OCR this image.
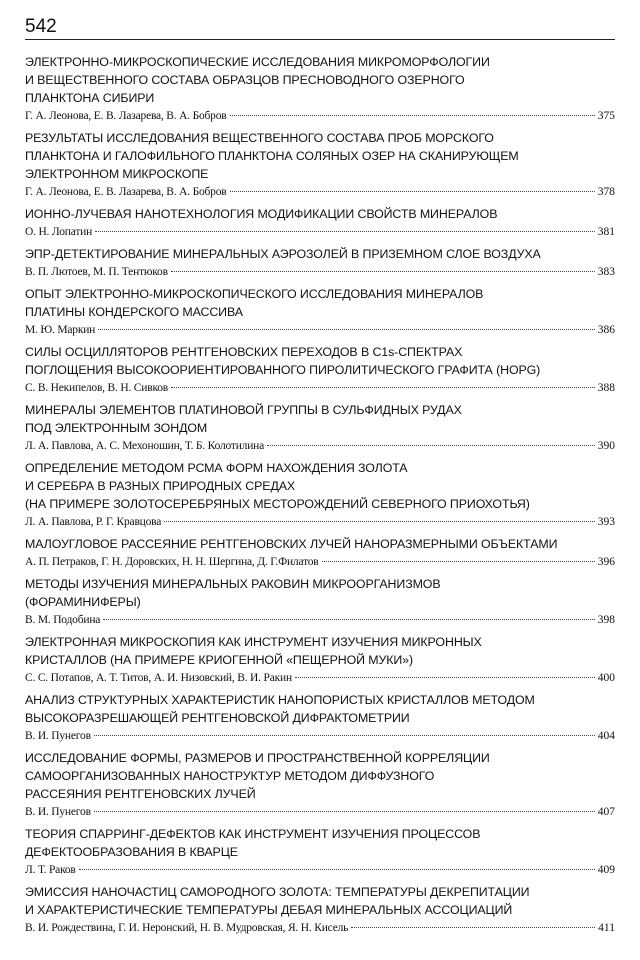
542
ЭЛЕКТРОННО-МИКРОСКОПИЧЕСКИЕ ИССЛЕДОВАНИЯ МИКРОМОРФОЛОГИИ
И ВЕЩЕСТВЕННОГО СОСТАВА ОБРАЗЦОВ ПРЕСНОВОДНОГО ОЗЕРНОГО
ПЛАНКТОНА СИБИРИ
Г. А. Леонова, Е. В. Лазарева, В. А. Бобров	375
РЕЗУЛЬТАТЫ ИССЛЕДОВАНИЯ ВЕЩЕСТВЕННОГО СОСТАВА ПРОБ МОРСКОГО
ПЛАНКТОНА И ГАЛОФИЛЬНОГО ПЛАНКТОНА СОЛЯНЫХ ОЗЕР НА СКАНИРУЮЩЕМ
ЭЛЕКТРОННОМ МИКРОСКОПЕ
Г. А. Леонова, Е. В. Лазарева, В. А. Бобров	378
ИОННО-ЛУЧЕВАЯ НАНОТЕХНОЛОГИЯ МОДИФИКАЦИИ СВОЙСТВ МИНЕРАЛОВ
О. Н. Лопатин	381
ЭПР-ДЕТЕКТИРОВАНИЕ МИНЕРАЛЬНЫХ АЭРОЗОЛЕЙ В ПРИЗЕМНОМ СЛОЕ ВОЗДУХА
В. П. Лютоев, М. П. Тентюков	383
ОПЫТ ЭЛЕКТРОННО-МИКРОСКОПИЧЕСКОГО ИССЛЕДОВАНИЯ МИНЕРАЛОВ
ПЛАТИНЫ КОНДЕРСКОГО МАССИВА
М. Ю. Маркин	386
СИЛЫ ОСЦИЛЛЯТОРОВ РЕНТГЕНОВСКИХ ПЕРЕХОДОВ В C1s-СПЕКТРАХ
ПОГЛОЩЕНИЯ ВЫСОКООРИЕНТИРОВАННОГО ПИРОЛИТИЧЕСКОГО ГРАФИТА (HOPG)
С. В. Некипелов, В. Н. Сивков	388
МИНЕРАЛЫ ЭЛЕМЕНТОВ ПЛАТИНОВОЙ ГРУППЫ В СУЛЬФИДНЫХ РУДАХ
ПОД ЭЛЕКТРОННЫМ ЗОНДОМ
Л. А. Павлова, А. С. Мехоношин, Т. Б. Колотилина	390
ОПРЕДЕЛЕНИЕ МЕТОДОМ РСМА ФОРМ НАХОЖДЕНИЯ ЗОЛОТА
И СЕРЕБРА В РАЗНЫХ ПРИРОДНЫХ СРЕДАХ
(НА ПРИМЕРЕ ЗОЛОТОСЕРЕБРЯНЫХ МЕСТОРОЖДЕНИЙ СЕВЕРНОГО ПРИОХОТЬЯ)
Л. А. Павлова, Р. Г. Кравцова	393
МАЛОУГЛОВОЕ РАССЕЯНИЕ РЕНТГЕНОВСКИХ ЛУЧЕЙ НАНОРАЗМЕРНЫМИ ОБЪЕКТАМИ
А. П. Петраков, Г. Н. Доровских, Н. Н. Шергина, Д. Г.Филатов	396
МЕТОДЫ ИЗУЧЕНИЯ МИНЕРАЛЬНЫХ РАКОВИН МИКРООРГАНИЗМОВ
(ФОРАМИНИФЕРЫ)
В. М. Подобина	398
ЭЛЕКТРОННАЯ МИКРОСКОПИЯ КАК ИНСТРУМЕНТ ИЗУЧЕНИЯ МИКРОННЫХ
КРИСТАЛЛОВ (НА ПРИМЕРЕ КРИОГЕННОЙ «ПЕЩЕРНОЙ МУКИ»)
С. С. Потапов, А. Т. Титов, А. И. Низовский, В. И. Ракин	400
АНАЛИЗ СТРУКТУРНЫХ ХАРАКТЕРИСТИК НАНОПОРИСТЫХ КРИСТАЛЛОВ МЕТОДОМ
ВЫСОКОРАЗРЕШАЮЩЕЙ РЕНТГЕНОВСКОЙ ДИФРАКТОМЕТРИИ
В. И. Пунегов	404
ИССЛЕДОВАНИЕ ФОРМЫ, РАЗМЕРОВ И ПРОСТРАНСТВЕННОЙ КОРРЕЛЯЦИИ
САМООРГАНИЗОВАННЫХ НАНОСТРУКТУР МЕТОДОМ ДИФФУЗНОГО
РАССЕЯНИЯ РЕНТГЕНОВСКИХ ЛУЧЕЙ
В. И. Пунегов	407
ТЕОРИЯ СПАРРИНГ-ДЕФЕКТОВ КАК ИНСТРУМЕНТ ИЗУЧЕНИЯ ПРОЦЕССОВ
ДЕФЕКТООБРАЗОВАНИЯ В КВАРЦЕ
Л. Т. Раков	409
ЭМИССИЯ НАНОЧАСТИЦ САМОРОДНОГО ЗОЛОТА: ТЕМПЕРАТУРЫ ДЕКРЕПИТАЦИИ
И ХАРАКТЕРИСТИЧЕСКИЕ ТЕМПЕРАТУРЫ ДЕБАЯ МИНЕРАЛЬНЫХ АССОЦИАЦИЙ
В. И. Рождествина, Г. И. Неронский, Н. В. Мудровская, Я. Н. Кисель	411
